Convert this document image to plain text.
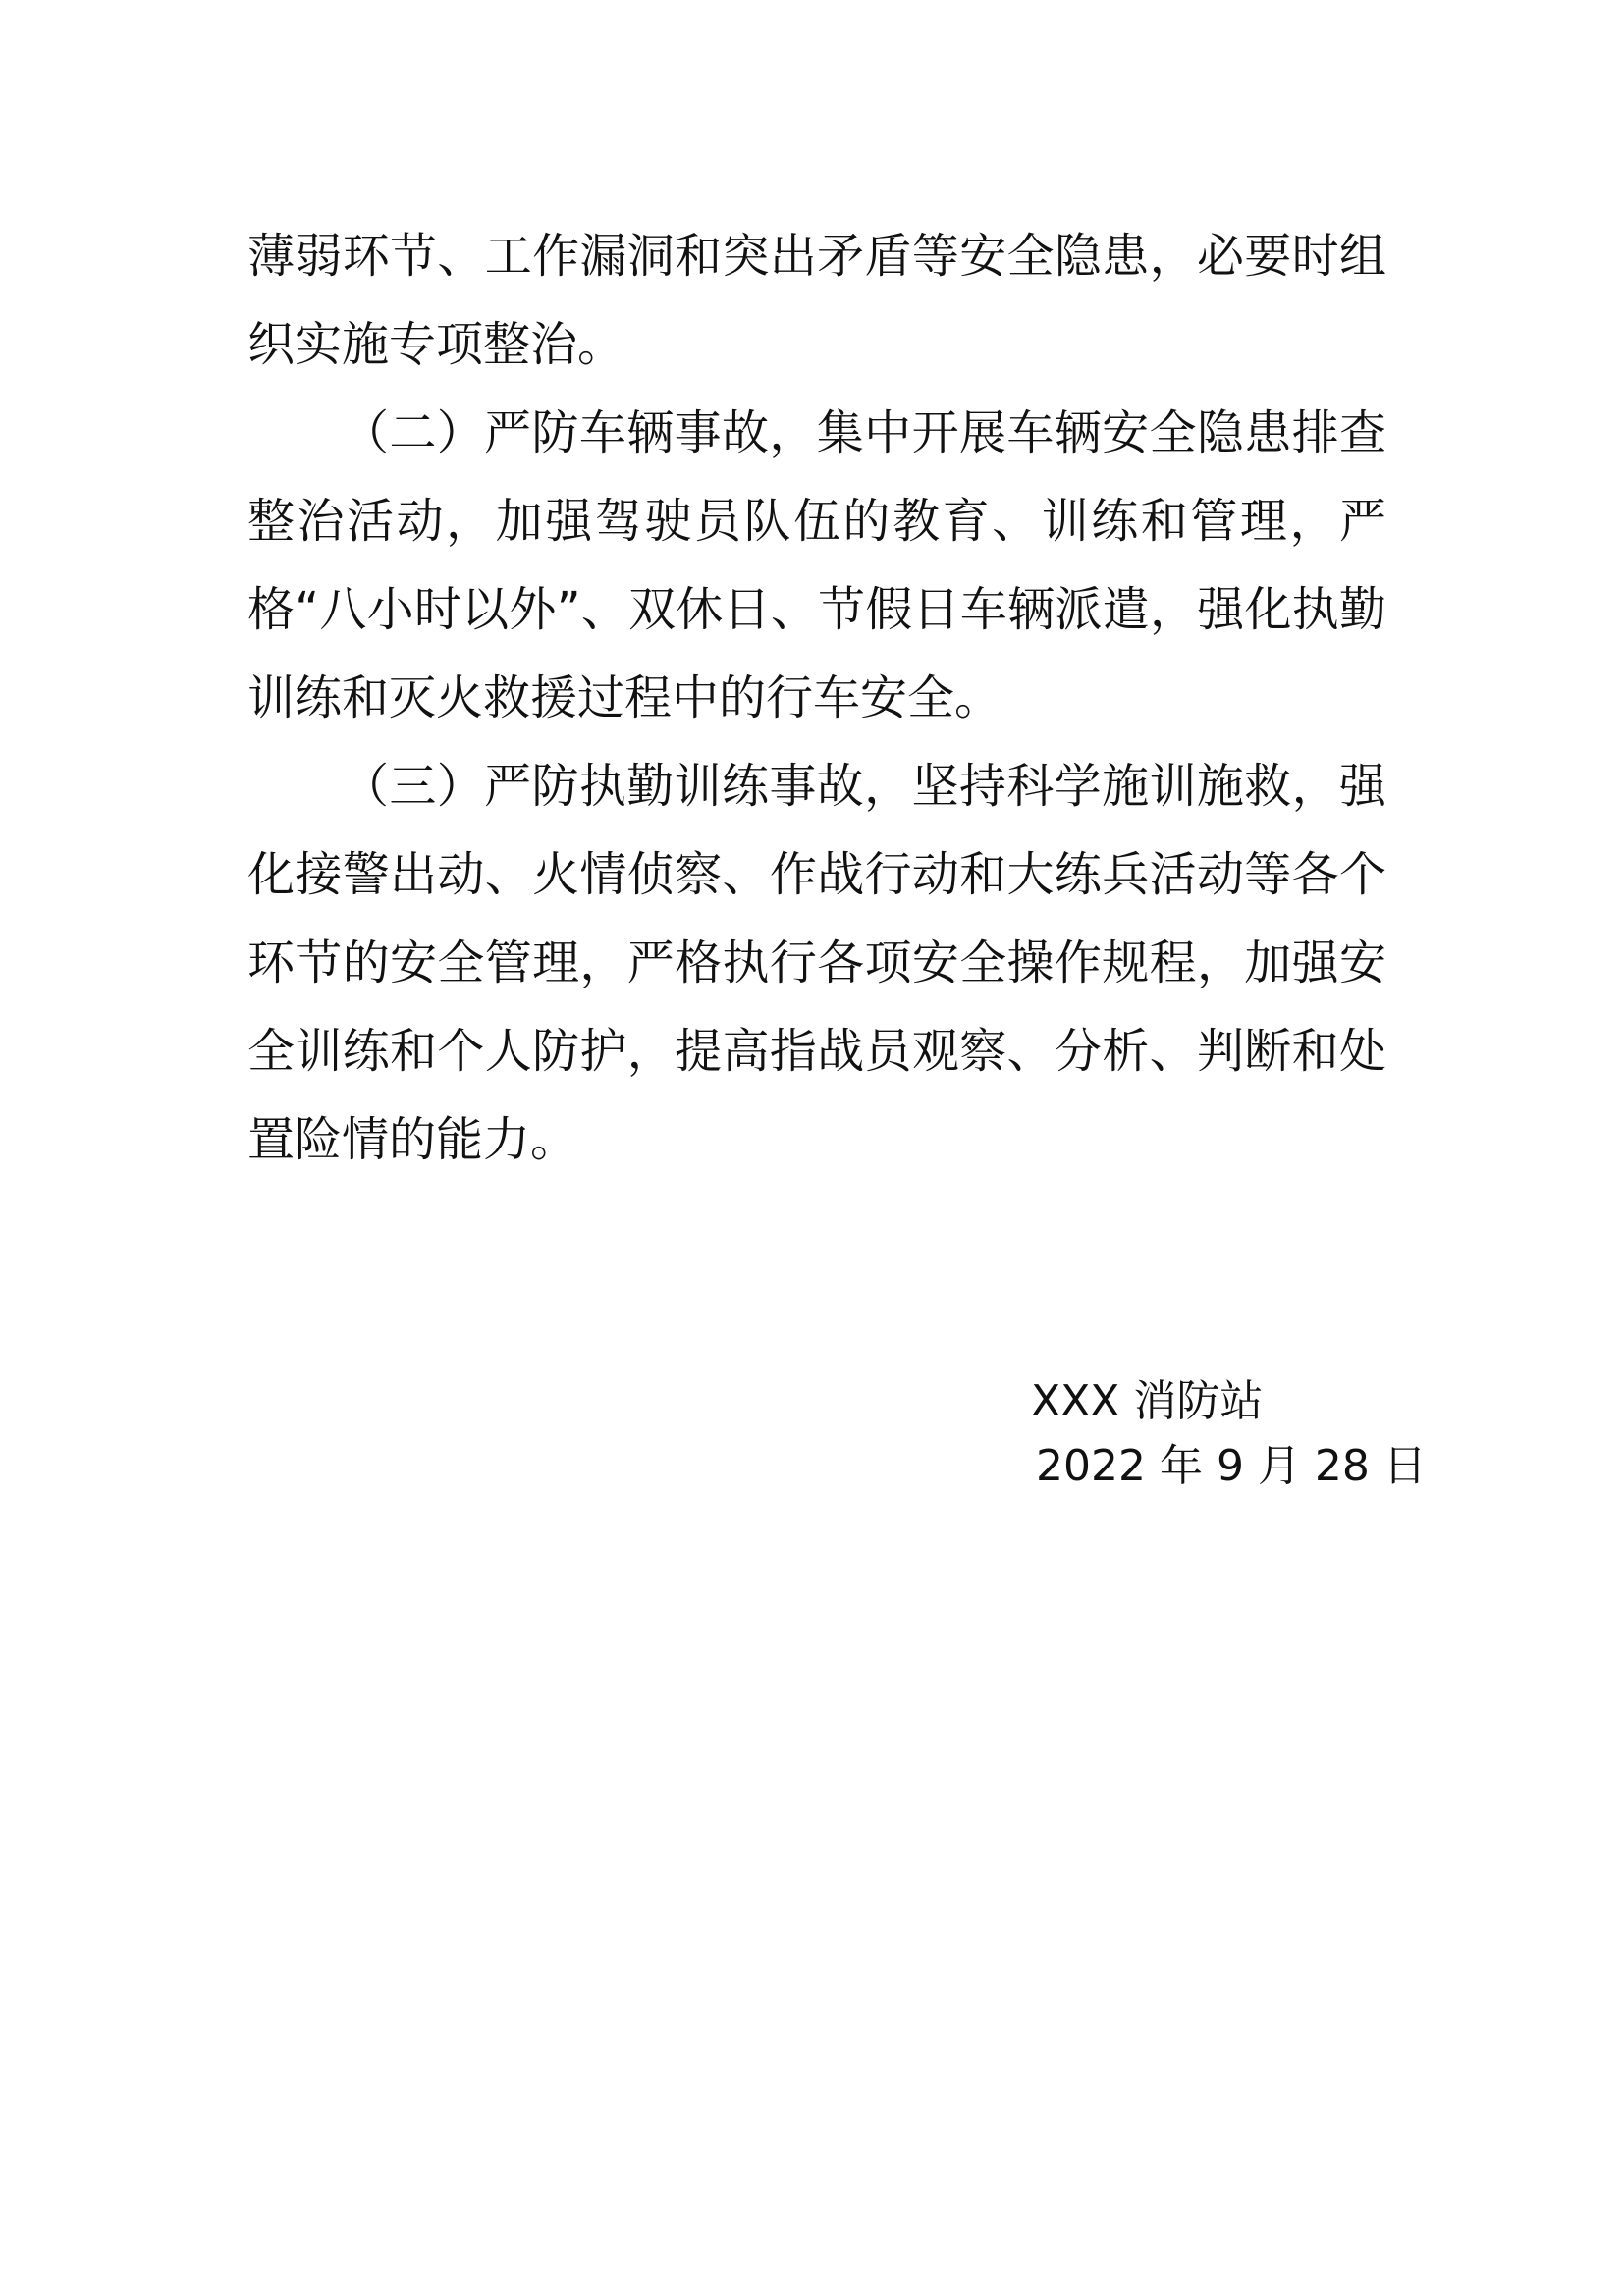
薄弱环节、工作漏洞和突出矛盾等安全隐患，必要时组织实施专项整治。

（二）严防车辆事故，集中开展车辆安全隐患排查整治活动，加强驾驶员队伍的教育、训练和管理，严格“八小时以外”、双休日、节假日车辆派遣，强化执勤训练和灭火救援过程中的行车安全。

（三）严防执勤训练事故，坚持科学施训施救，强化接警出动、火情侦察、作战行动和大练兵活动等各个环节的安全管理，严格执行各项安全操作规程，加强安全训练和个人防护，提高指战员观察、分析、判断和处置险情的能力。

XXX 消防站

2022 年 9 月 28 日
